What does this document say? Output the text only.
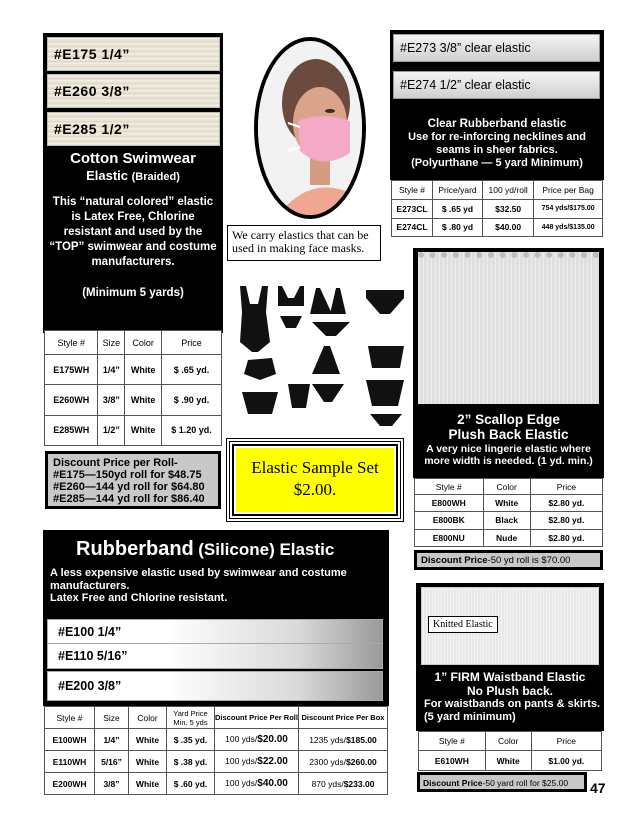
#E175 1/4”
#E260 3/8”
#E285 1/2”
Cotton Swimwear
Elastic (Braided)
This “natural colored” elastic is Latex Free, Chlorine resistant and used by the “TOP” swimwear and costume manufacturers.
(Minimum 5 yards)
Style #	Size	Color	Price
E175WH	1/4”	White	$ .65 yd.
E260WH	3/8”	White	$ .90 yd.
E285WH	1/2”	White	$ 1.20 yd.
Discount Price per Roll-
#E175—150yd roll for $48.75
#E260—144 yd roll for $64.80
#E285—144 yd roll for $86.40
We carry elastics that can be used in making face masks.
Elastic Sample Set
$2.00.
#E273 3/8” clear elastic
#E274 1/2” clear elastic
Clear Rubberband elastic
Use for re-inforcing necklines and seams in sheer fabrics.
(Polyurthane — 5 yard Minimum)
Style #	Price/yard	100 yd/roll	Price per Bag
E273CL	$ .65 yd	$32.50	754 yds/$175.00
E274CL	$ .80 yd	$40.00	448 yds/$135.00
2” Scallop Edge
Plush Back Elastic
A very nice lingerie elastic where more width is needed. (1 yd. min.)
Style #	Color	Price
E800WH	White	$2.80 yd.
E800BK	Black	$2.80 yd.
E800NU	Nude	$2.80 yd.
Discount Price-50 yd roll is $70.00
Rubberband (Silicone) Elastic
A less expensive elastic used by swimwear and costume manufacturers.
Latex Free and Chlorine resistant.
#E100 1/4”
#E110 5/16”
#E200 3/8”
Style #	Size	Color	Yard Price Min. 5 yds	Discount Price Per Roll	Discount Price Per Box
E100WH	1/4”	White	$ .35 yd.	100 yds/$20.00	1235 yds/$185.00
E110WH	5/16”	White	$ .38 yd.	100 yds/$22.00	2300 yds/$260.00
E200WH	3/8”	White	$ .60 yd.	100 yds/$40.00	870 yds/$233.00
Knitted Elastic
1” FIRM Waistband Elastic
No Plush back.
For waistbands on pants & skirts. (5 yard minimum)
Style #	Color	Price
E610WH	White	$1.00 yd.
Discount Price-50 yard roll for $25.00	47
